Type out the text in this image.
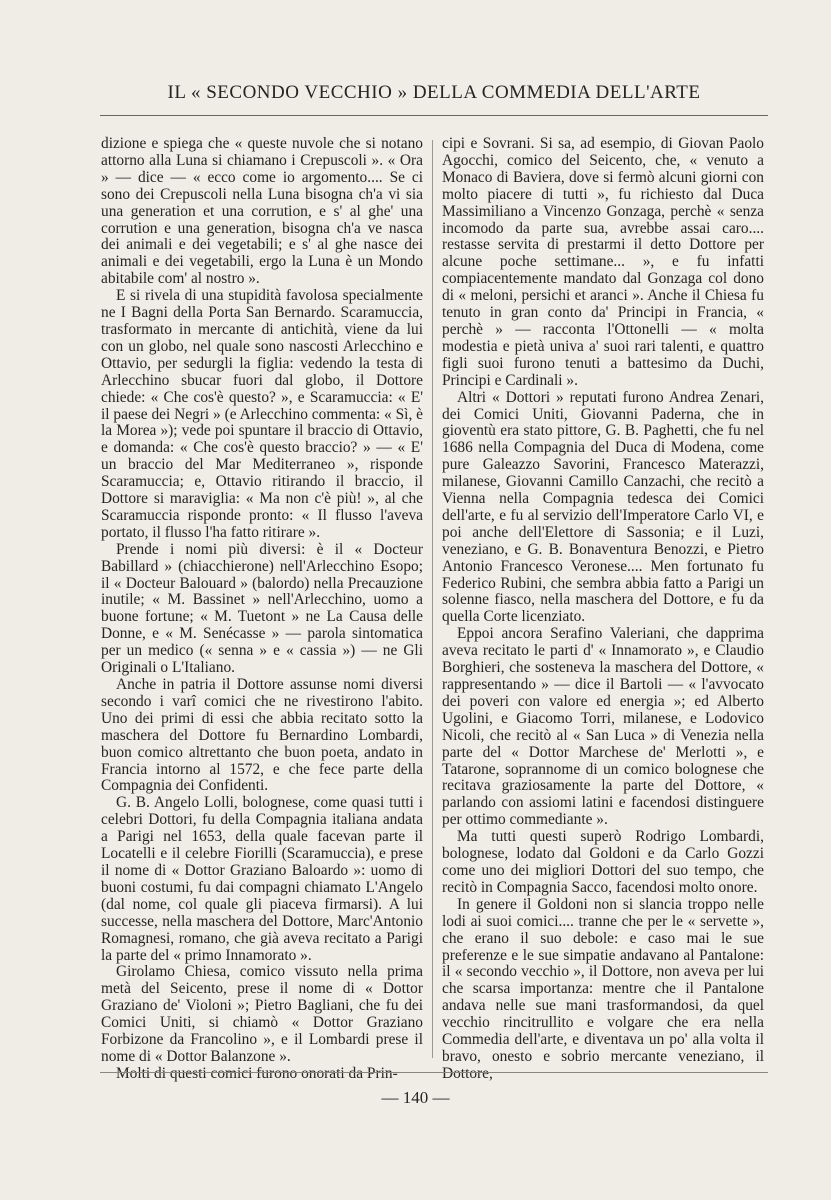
IL « SECONDO VECCHIO » DELLA COMMEDIA DELL'ARTE

dizione e spiega che « queste nuvole che si notano attorno alla Luna si chiamano i Crepuscoli ». « Ora » — dice — « ecco come io argomento.... Se ci sono dei Crepuscoli nella Luna bisogna ch'a vi sia una generation et una corrution, e s' al ghe' una corrution e una generation, bisogna ch'a ve nasca dei animali e dei vegetabili; e s' al ghe nasce dei animali e dei vegetabili, ergo la Luna è un Mondo abitabile com' al nostro ».

E si rivela di una stupidità favolosa specialmente ne I Bagni della Porta San Bernardo. Scaramuccia, trasformato in mercante di antichità, viene da lui con un globo, nel quale sono nascosti Arlecchino e Ottavio, per sedurgli la figlia: vedendo la testa di Arlecchino sbucar fuori dal globo, il Dottore chiede: « Che cos'è questo? », e Scaramuccia: « E' il paese dei Negri » (e Arlecchino commenta: « Sì, è la Morea »); vede poi spuntare il braccio di Ottavio, e domanda: « Che cos'è questo braccio? » — « E' un braccio del Mar Mediterraneo », risponde Scaramuccia; e, Ottavio ritirando il braccio, il Dottore si maraviglia: « Ma non c'è più! », al che Scaramuccia risponde pronto: « Il flusso l'aveva portato, il flusso l'ha fatto ritirare ».

Prende i nomi più diversi: è il « Docteur Babillard » (chiacchierone) nell'Arlecchino Esopo; il « Docteur Balouard » (balordo) nella Precauzione inutile; « M. Bassinet » nell'Arlecchino, uomo a buone fortune; « M. Tuetont » ne La Causa delle Donne, e « M. Senécasse » — parola sintomatica per un medico (« senna » e « cassia ») — ne Gli Originali o L'Italiano.

Anche in patria il Dottore assunse nomi diversi secondo i varî comici che ne rivestirono l'abito. Uno dei primi di essi che abbia recitato sotto la maschera del Dottore fu Bernardino Lombardi, buon comico altrettanto che buon poeta, andato in Francia intorno al 1572, e che fece parte della Compagnia dei Confidenti.

G. B. Angelo Lolli, bolognese, come quasi tutti i celebri Dottori, fu della Compagnia italiana andata a Parigi nel 1653, della quale facevan parte il Locatelli e il celebre Fiorilli (Scaramuccia), e prese il nome di « Dottor Graziano Baloardo »: uomo di buoni costumi, fu dai compagni chiamato L'Angelo (dal nome, col quale gli piaceva firmarsi). A lui successe, nella maschera del Dottore, Marc'Antonio Romagnesi, romano, che già aveva recitato a Parigi la parte del « primo Innamorato ».

Girolamo Chiesa, comico vissuto nella prima metà del Seicento, prese il nome di « Dottor Graziano de' Violoni »; Pietro Bagliani, che fu dei Comici Uniti, si chiamò « Dottor Graziano Forbizone da Francolino », e il Lombardi prese il nome di « Dottor Balanzone ».

Molti di questi comici furono onorati da Prin-

cipi e Sovrani. Si sa, ad esempio, di Giovan Paolo Agocchi, comico del Seicento, che, « venuto a Monaco di Baviera, dove si fermò alcuni giorni con molto piacere di tutti », fu richiesto dal Duca Massimiliano a Vincenzo Gonzaga, perchè « senza incomodo da parte sua, avrebbe assai caro.... restasse servita di prestarmi il detto Dottore per alcune poche settimane... », e fu infatti compiacentemente mandato dal Gonzaga col dono di « meloni, persichi et aranci ». Anche il Chiesa fu tenuto in gran conto da' Principi in Francia, « perchè » — racconta l'Ottonelli — « molta modestia e pietà univa a' suoi rari talenti, e quattro figli suoi furono tenuti a battesimo da Duchi, Principi e Cardinali ».

Altri « Dottori » reputati furono Andrea Zenari, dei Comici Uniti, Giovanni Paderna, che in gioventù era stato pittore, G. B. Paghetti, che fu nel 1686 nella Compagnia del Duca di Modena, come pure Galeazzo Savorini, Francesco Materazzi, milanese, Giovanni Camillo Canzachi, che recitò a Vienna nella Compagnia tedesca dei Comici dell'arte, e fu al servizio dell'Imperatore Carlo VI, e poi anche dell'Elettore di Sassonia; e il Luzi, veneziano, e G. B. Bonaventura Benozzi, e Pietro Antonio Francesco Veronese.... Men fortunato fu Federico Rubini, che sembra abbia fatto a Parigi un solenne fiasco, nella maschera del Dottore, e fu da quella Corte licenziato.

Eppoi ancora Serafino Valeriani, che dapprima aveva recitato le parti d' « Innamorato », e Claudio Borghieri, che sosteneva la maschera del Dottore, « rappresentando » — dice il Bartoli — « l'avvocato dei poveri con valore ed energia »; ed Alberto Ugolini, e Giacomo Torri, milanese, e Lodovico Nicoli, che recitò al « San Luca » di Venezia nella parte del « Dottor Marchese de' Merlotti », e Tatarone, soprannome di un comico bolognese che recitava graziosamente la parte del Dottore, « parlando con assiomi latini e facendosi distinguere per ottimo commediante ».

Ma tutti questi superò Rodrigo Lombardi, bolognese, lodato dal Goldoni e da Carlo Gozzi come uno dei migliori Dottori del suo tempo, che recitò in Compagnia Sacco, facendosi molto onore.

In genere il Goldoni non si slancia troppo nelle lodi ai suoi comici.... tranne che per le « servette », che erano il suo debole: e caso mai le sue preferenze e le sue simpatie andavano al Pantalone: il « secondo vecchio », il Dottore, non aveva per lui che scarsa importanza: mentre che il Pantalone andava nelle sue mani trasformandosi, da quel vecchio rincitrullito e volgare che era nella Commedia dell'arte, e diventava un po' alla volta il bravo, onesto e sobrio mercante veneziano, il Dottore,

— 140 —
